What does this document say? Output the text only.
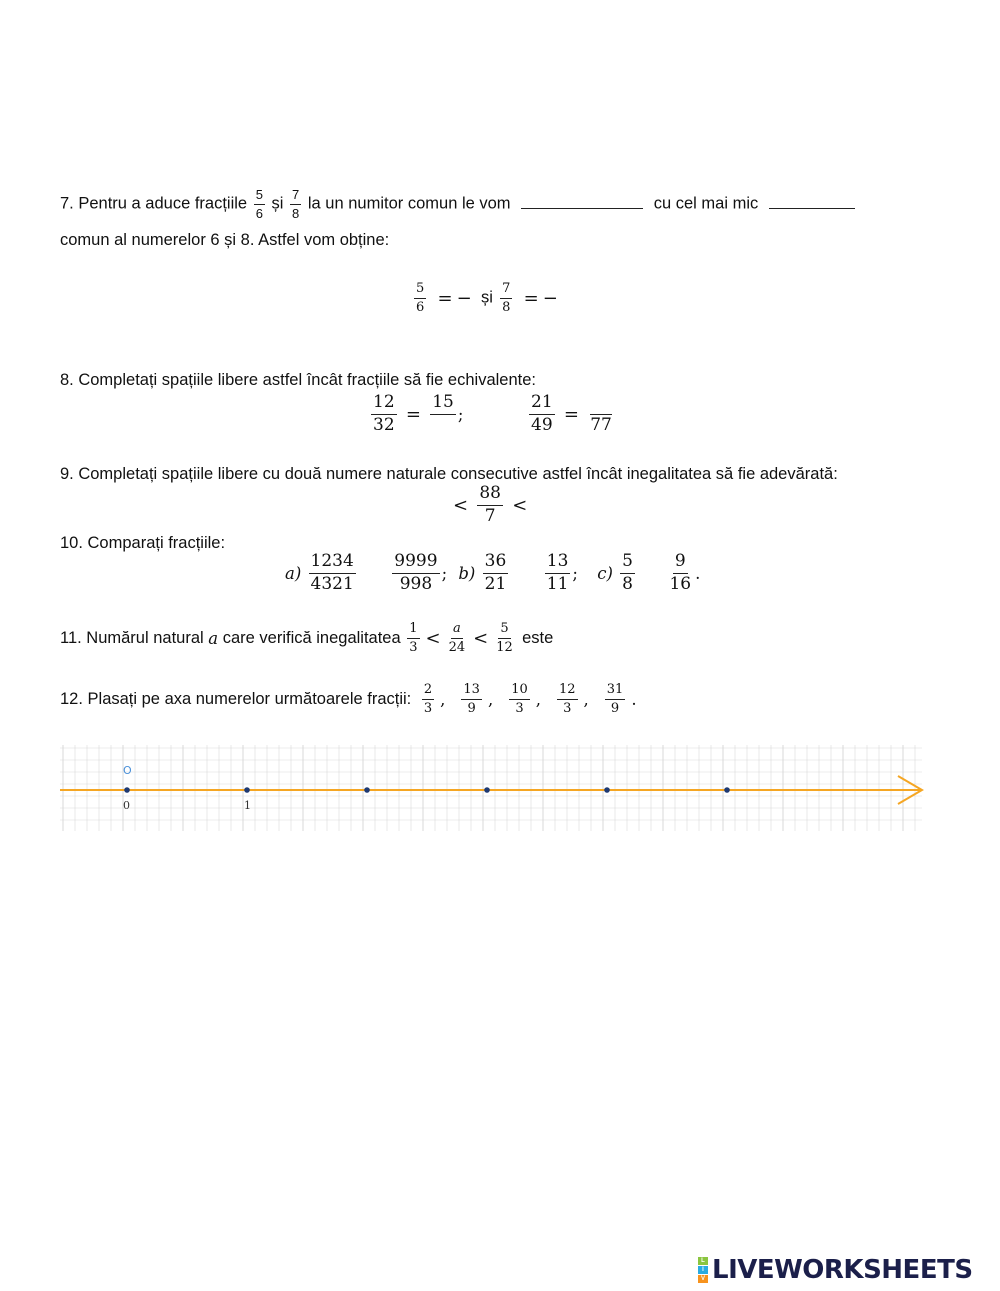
7. Pentru a aduce fracțiile $\frac{5}{6}$ și $\frac{7}{8}$ la un numitor comun le vom	cu cel mai mic
comun al numerelor 6 și 8. Astfel vom obține:
$\frac{5}{6}$ = − și $\frac{7}{8}$ = −
8. Completați spațiile libere astfel încât fracțiile să fie echivalente:
$\frac{12}{32}$ =
15

;	$\frac{21}{49}$ =
77
9. Completați spațiile libere cu două numere naturale consecutive astfel încât inegalitatea să fie adevărată:
< $\frac{88}{7}$ <
10. Comparați fracțiile:
$a) \frac{1234}{4321}$
$\frac{9999}{998}$ ; $b) \frac{36}{21}$
$\frac{13}{11}$ ; $c) \frac{5}{8}$
$\frac{9}{16}$ .
11. Numărul natural a care verifică inegalitatea $\frac{1}{3} < \frac{a}{24} < \frac{5}{12}$ este
12. Plasați pe axa numerelor următoarele fracții: $\frac{2}{3}$ , $\frac{13}{9}$ , $\frac{10}{3}$ , $\frac{12}{3}$ , $\frac{31}{9}$ .
O
0	1
L
I
V LIVEWORKSHEETS
